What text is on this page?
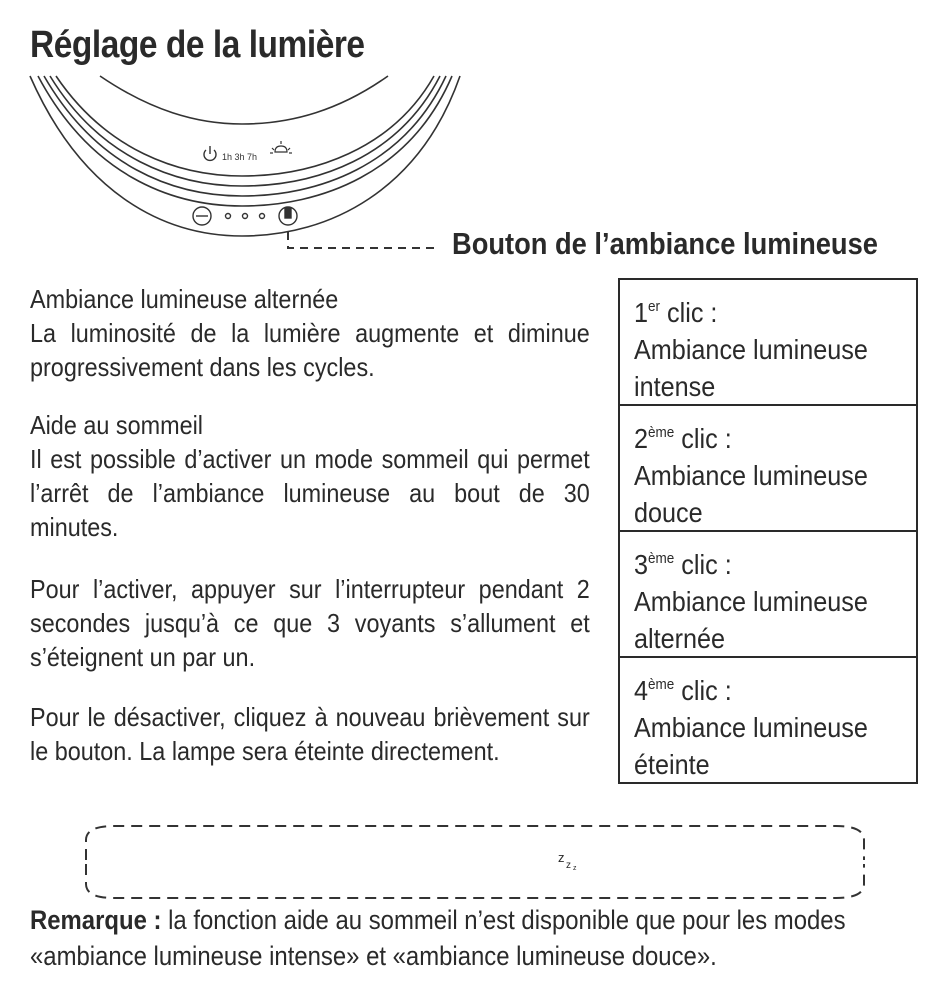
Réglage de la lumière
1h 3h 7h
Bouton de l’ambiance lumineuse
Ambiance lumineuse alternée
La luminosité de la lumière augmente et diminue progressivement dans les cycles.
Aide au sommeil
Il est possible d’activer un mode sommeil qui permet l’arrêt de l’ambiance lumineuse au bout de 30 minutes.
Pour l’activer, appuyer sur l’interrupteur pendant 2 secondes jusqu’à ce que 3 voyants s’allument et s’éteignent un par un.
Pour le désactiver, cliquez à nouveau brièvement sur le bouton. La lampe sera éteinte directement.
1er clic :
Ambiance lumineuse intense
2ème clic :
Ambiance lumineuse douce
3ème clic :
Ambiance lumineuse alternée
4ème clic :
Ambiance lumineuse éteinte
z
z z
Remarque : la fonction aide au sommeil n’est disponible que pour les modes «ambiance lumineuse intense» et «ambiance lumineuse douce».
